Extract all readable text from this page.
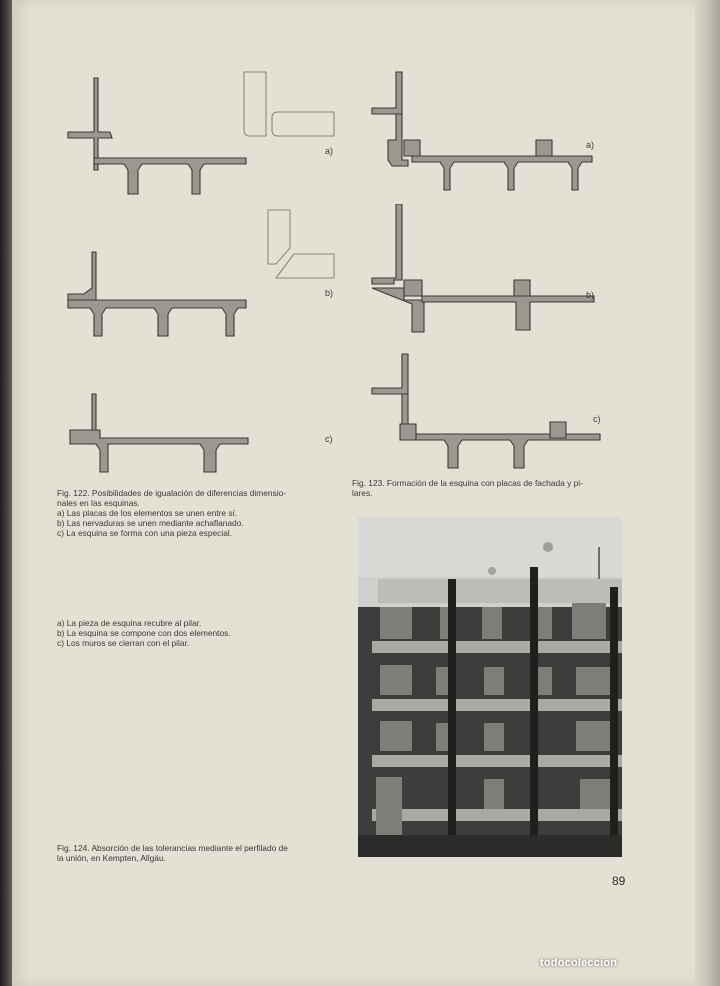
a)
b)
c)
a)
b)
c)
Fig. 122. Posibilidades de igualación de diferencias dimensio-
nales en las esquinas.
a) Las placas de los elementos se unen entre sí.
b) Las nervaduras se unen mediante achaflanado.
c) La esquina se forma con una pieza especial.
Fig. 123. Formación de la esquina con placas de fachada y pi-
lares.
a) La pieza de esquina recubre al pilar.
b) La esquina se compone con dos elementos.
c) Los muros se cierran con el pilar.
Fig. 124. Absorción de las tolerancias mediante el perfilado de
la unión, en Kempten, Allgäu.
89
todocoleccion
